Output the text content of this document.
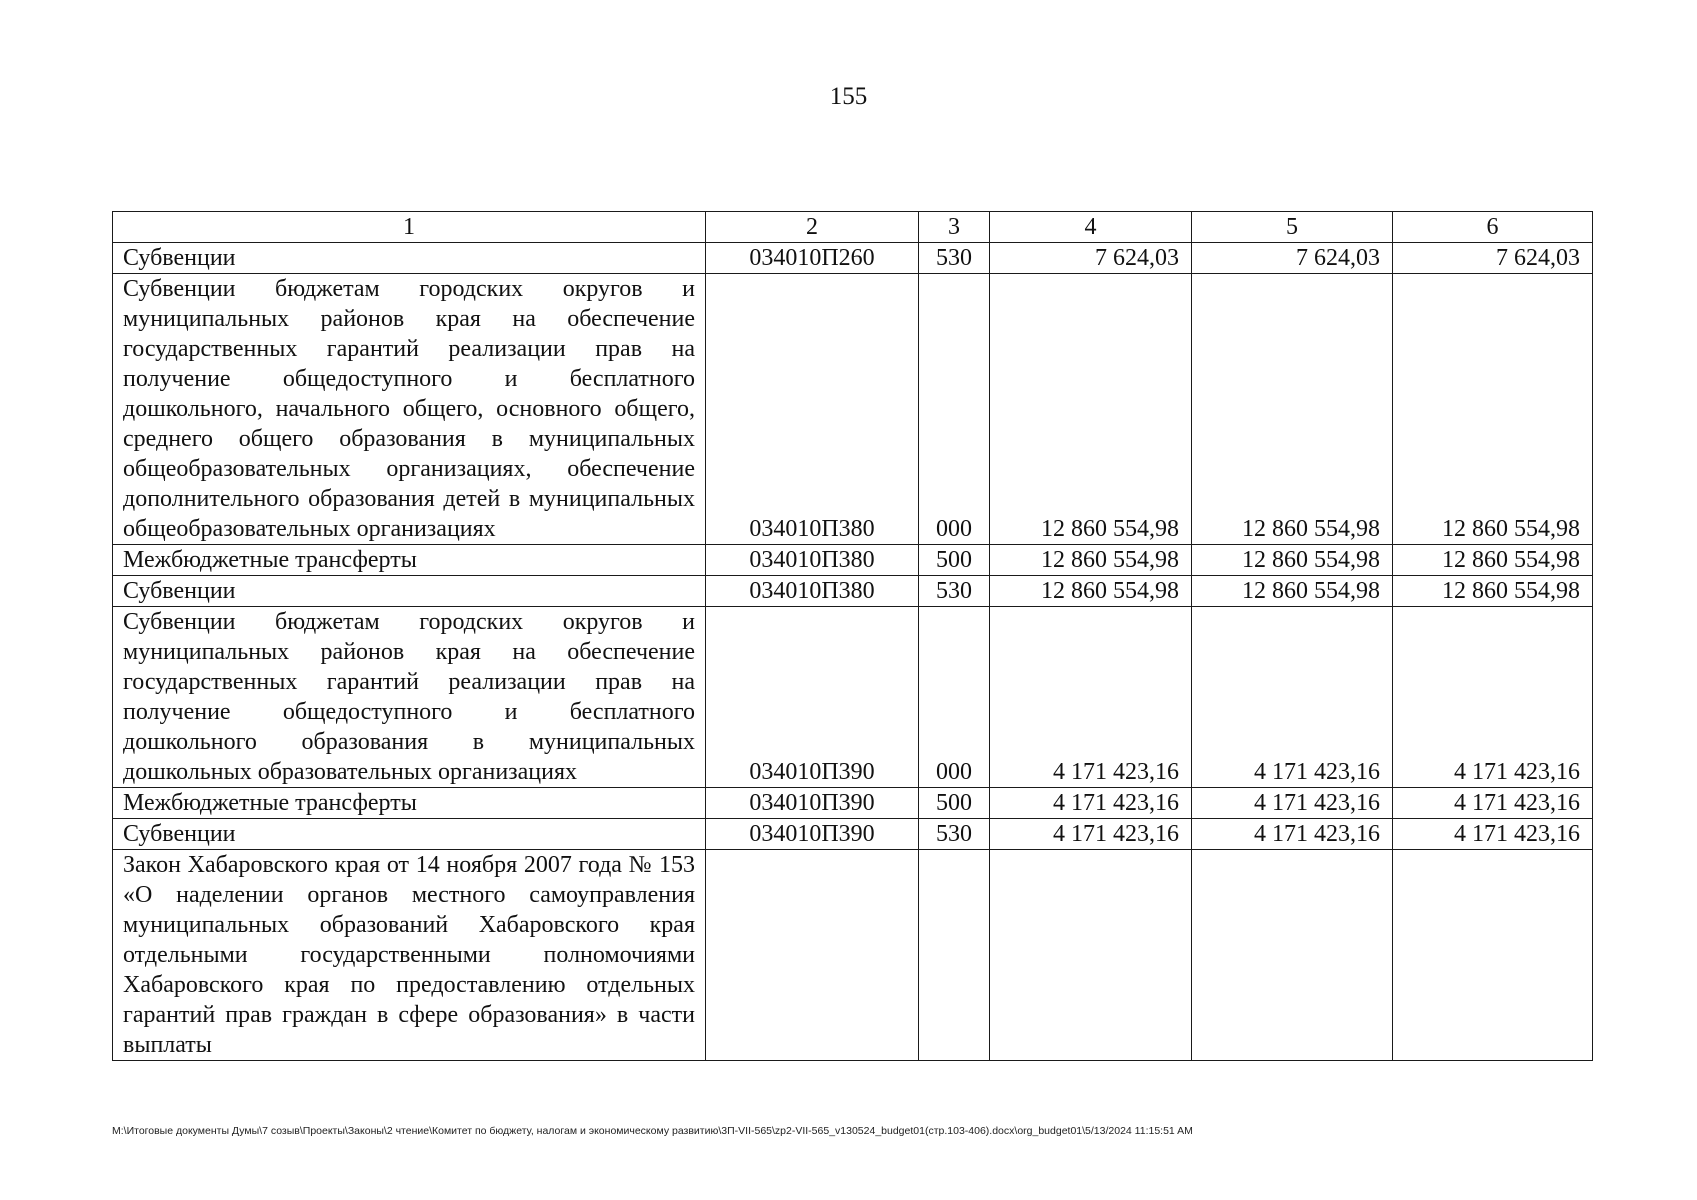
155
1	2	3	4	5	6
Субвенции	034010П260	530	7 624,03	7 624,03	7 624,03
Субвенции бюджетам городских округов и муниципальных районов края на обеспечение государственных гарантий реализации прав на получение общедоступного и бесплатного дошкольного, начального общего, основного общего, среднего общего образования в муниципальных общеобразовательных организациях, обеспечение дополнительного образования детей в муниципальных общеобразовательных организациях	034010П380	000	12 860 554,98	12 860 554,98	12 860 554,98
Межбюджетные трансферты	034010П380	500	12 860 554,98	12 860 554,98	12 860 554,98
Субвенции	034010П380	530	12 860 554,98	12 860 554,98	12 860 554,98
Субвенции бюджетам городских округов и муниципальных районов края на обеспечение государственных гарантий реализации прав на получение общедоступного и бесплатного дошкольного образования в муниципальных дошкольных образовательных организациях	034010П390	000	4 171 423,16	4 171 423,16	4 171 423,16
Межбюджетные трансферты	034010П390	500	4 171 423,16	4 171 423,16	4 171 423,16
Субвенции	034010П390	530	4 171 423,16	4 171 423,16	4 171 423,16
Закон Хабаровского края от 14 ноября 2007 года № 153 «О наделении органов местного самоуправления муниципальных образований Хабаровского края отдельными государственными полномочиями Хабаровского края по предоставлению отдельных гарантий прав граждан в сфере образования» в части выплаты					
M:\Итоговые документы Думы\7 созыв\Проекты\Законы\2 чтение\Комитет по бюджету, налогам и экономическому развитию\3П-VII-565\zp2-VII-565_v130524_budget01(стр.103-406).docx\org_budget01\5/13/2024 11:15:51 AM
